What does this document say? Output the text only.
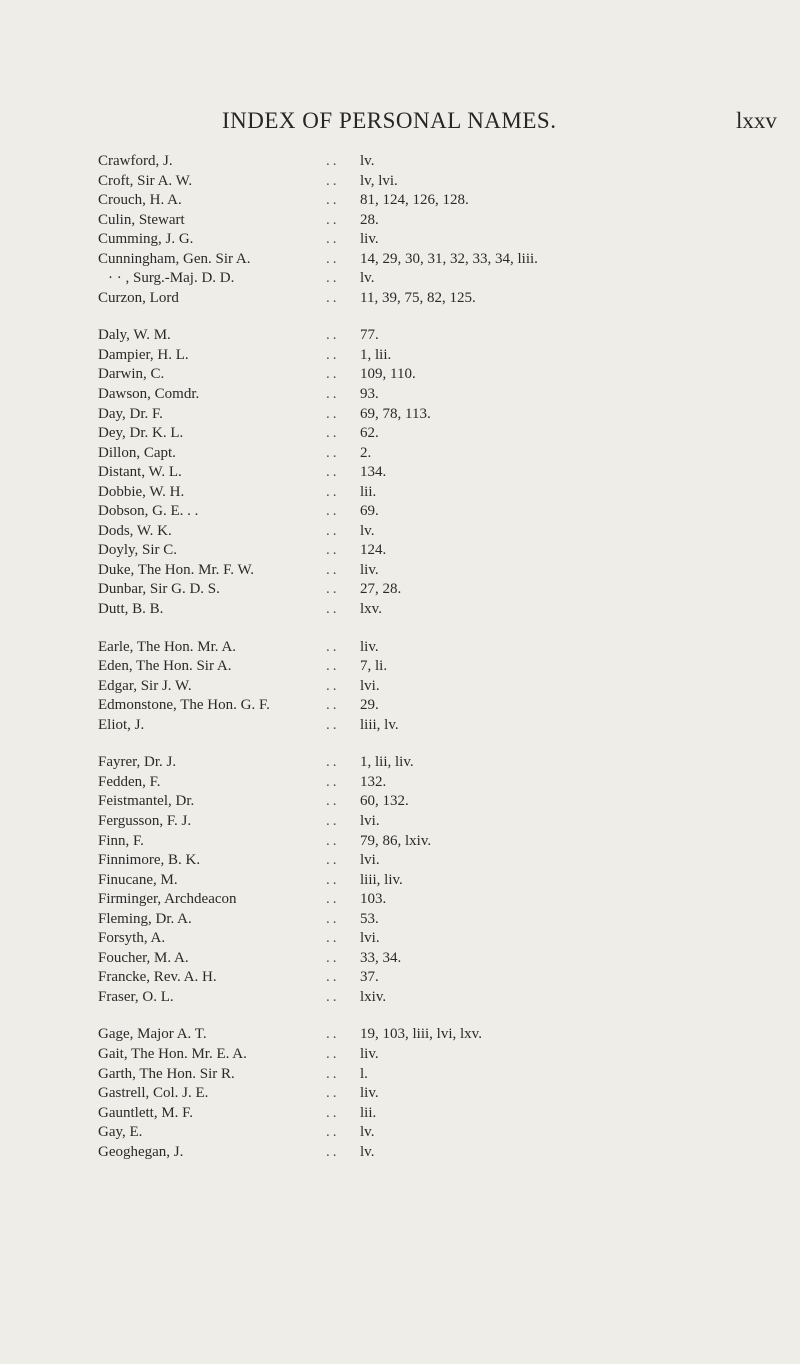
INDEX OF PERSONAL NAMES.	lxxv
Crawford, J.	.. lv.
Croft, Sir A. W.	.. lv, lvi.
Crouch, H. A.	.. 81, 124, 126, 128.
Culin, Stewart	.. 28.
Cumming, J. G.	.. liv.
Cunningham, Gen. Sir A.	.. 14, 29, 30, 31, 32, 33, 34, liii.
· · , Surg.-Maj. D. D.	.. lv.
Curzon, Lord	.. 11, 39, 75, 82, 125.
Daly, W. M.	.. 77.
Dampier, H. L.	.. 1, lii.
Darwin, C.	.. 109, 110.
Dawson, Comdr.	.. 93.
Day, Dr. F.	.. 69, 78, 113.
Dey, Dr. K. L.	.. 62.
Dillon, Capt.	.. 2.
Distant, W. L.	.. 134.
Dobbie, W. H.	.. lii.
Dobson, G. E. . .	.. 69.
Dods, W. K.	.. lv.
Doyly, Sir C.	.. 124.
Duke, The Hon. Mr. F. W.	.. liv.
Dunbar, Sir G. D. S.	.. 27, 28.
Dutt, B. B.	.. lxv.
Earle, The Hon. Mr. A.	.. liv.
Eden, The Hon. Sir A.	.. 7, li.
Edgar, Sir J. W.	.. lvi.
Edmonstone, The Hon. G. F.	.. 29.
Eliot, J.	.. liii, lv.
Fayrer, Dr. J.	.. 1, lii, liv.
Fedden, F.	.. 132.
Feistmantel, Dr.	.. 60, 132.
Fergusson, F. J.	.. lvi.
Finn, F.	.. 79, 86, lxiv.
Finnimore, B. K.	.. lvi.
Finucane, M.	.. liii, liv.
Firminger, Archdeacon	.. 103.
Fleming, Dr. A.	.. 53.
Forsyth, A.	.. lvi.
Foucher, M. A.	.. 33, 34.
Francke, Rev. A. H.	.. 37.
Fraser, O. L.	.. lxiv.
Gage, Major A. T.	.. 19, 103, liii, lvi, lxv.
Gait, The Hon. Mr. E. A.	.. liv.
Garth, The Hon. Sir R.	.. l.
Gastrell, Col. J. E.	.. liv.
Gauntlett, M. F.	.. lii.
Gay, E.	.. lv.
Geoghegan, J.	.. lv.
